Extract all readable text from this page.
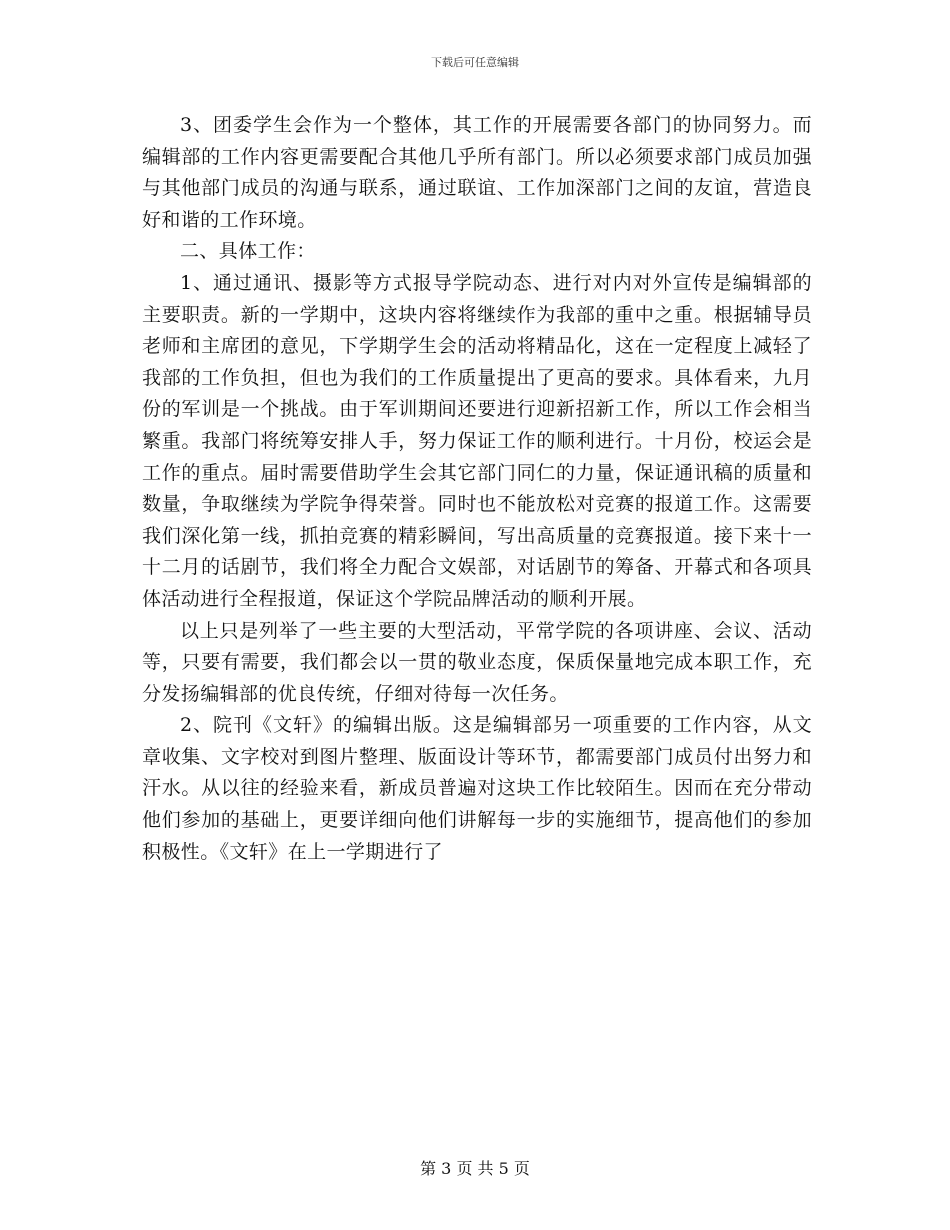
下载后可任意编辑

3、团委学生会作为一个整体，其工作的开展需要各部门的协同努力。而编辑部的工作内容更需要配合其他几乎所有部门。所以必须要求部门成员加强与其他部门成员的沟通与联系，通过联谊、工作加深部门之间的友谊，营造良好和谐的工作环境。

二、具体工作：

1、通过通讯、摄影等方式报导学院动态、进行对内对外宣传是编辑部的主要职责。新的一学期中，这块内容将继续作为我部的重中之重。根据辅导员老师和主席团的意见，下学期学生会的活动将精品化，这在一定程度上减轻了我部的工作负担，但也为我们的工作质量提出了更高的要求。具体看来，九月份的军训是一个挑战。由于军训期间还要进行迎新招新工作，所以工作会相当繁重。我部门将统筹安排人手，努力保证工作的顺利进行。十月份，校运会是工作的重点。届时需要借助学生会其它部门同仁的力量，保证通讯稿的质量和数量，争取继续为学院争得荣誉。同时也不能放松对竞赛的报道工作。这需要我们深化第一线，抓拍竞赛的精彩瞬间，写出高质量的竞赛报道。接下来十一十二月的话剧节，我们将全力配合文娱部，对话剧节的筹备、开幕式和各项具体活动进行全程报道，保证这个学院品牌活动的顺利开展。

以上只是列举了一些主要的大型活动，平常学院的各项讲座、会议、活动等，只要有需要，我们都会以一贯的敬业态度，保质保量地完成本职工作，充分发扬编辑部的优良传统，仔细对待每一次任务。

2、院刊《文轩》的编辑出版。这是编辑部另一项重要的工作内容，从文章收集、文字校对到图片整理、版面设计等环节，都需要部门成员付出努力和汗水。从以往的经验来看，新成员普遍对这块工作比较陌生。因而在充分带动他们参加的基础上，更要详细向他们讲解每一步的实施细节，提高他们的参加积极性。《文轩》在上一学期进行了

第 3 页 共 5 页
